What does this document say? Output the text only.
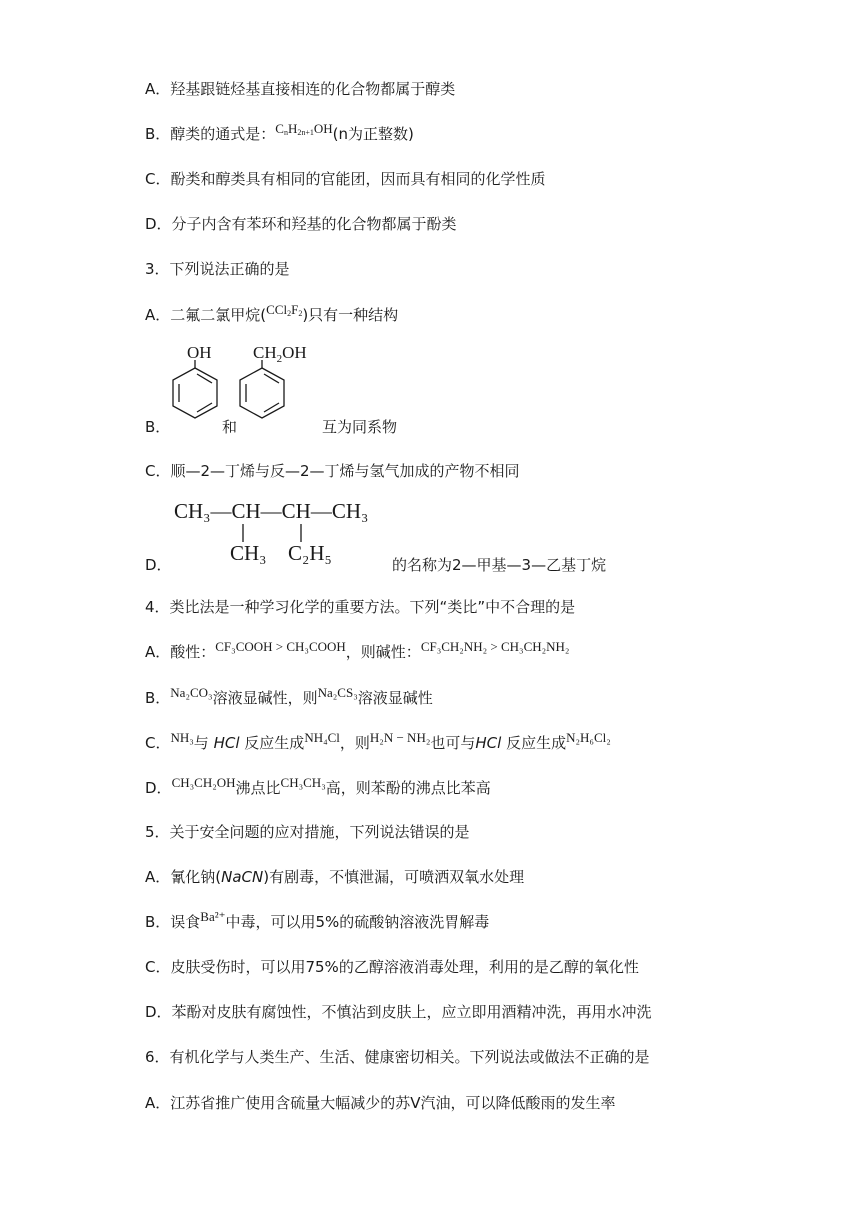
A．羟基跟链烃基直接相连的化合物都属于醇类
B．醇类的通式是：$C_nH_{2n+1}OH(n$为正整数)
C．酚类和醇类具有相同的官能团，因而具有相同的化学性质
D．分子内含有苯环和羟基的化合物都属于酚类
3．下列说法正确的是
A．二氟二氯甲烷$(CCl_2F_2)$只有一种结构
OH $CH_2OH$
B．	和	互为同系物
C．顺—2—丁烯与反—2—丁烯与氢气加成的产物不相同
CH₃—CH—CH—CH₃
CH₃ C₂H₅
D．	的名称为2—甲基—3—乙基丁烷
4．类比法是一种学习化学的重要方法。下列“类比”中不合理的是
A．酸性：CF₃COOH > CH₃COOH，则碱性：CF₃CH₂NH₂ > CH₃CH₂NH₂
B．Na₂CO₃溶液显碱性，则Na₂CS₃溶液显碱性
C．NH₃与 HCl 反应生成NH₄Cl，则H₂N − NH₂也可与HCl 反应生成N₂H₆Cl₂
D．CH₃CH₂OH沸点比CH₃CH₃高，则苯酚的沸点比苯高
5．关于安全问题的应对措施，下列说法错误的是
A．氰化钠(NaCN)有剧毒，不慎泄漏，可喷洒双氧水处理
B．误食Ba²⁺中毒，可以用5%的硫酸钠溶液洗胃解毒
C．皮肤受伤时，可以用75%的乙醇溶液消毒处理，利用的是乙醇的氧化性
D．苯酚对皮肤有腐蚀性，不慎沾到皮肤上，应立即用酒精冲洗，再用水冲洗
6．有机化学与人类生产、生活、健康密切相关。下列说法或做法不正确的是
A．江苏省推广使用含硫量大幅减少的苏Ⅴ汽油，可以降低酸雨的发生率
